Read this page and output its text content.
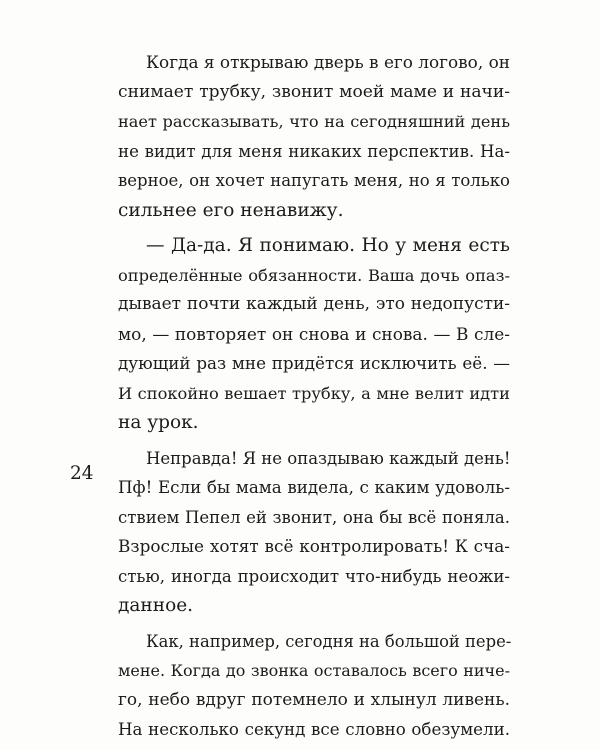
Когда я открываю дверь в его логово, он
снимает трубку, звонит моей маме и начи-
нает рассказывать, что на сегодняшний день
не видит для меня никаких перспектив. На-
верное, он хочет напугать меня, но я только
сильнее его ненавижу.

— Да-да. Я понимаю. Но у меня есть
определённые обязанности. Ваша дочь опаз-
дывает почти каждый день, это недопусти-
мо, — повторяет он снова и снова. — В сле-
дующий раз мне придётся исключить её. —
И спокойно вешает трубку, а мне велит идти
на урок.

Неправда! Я не опаздываю каждый день!
Пф! Если бы мама видела, с каким удоволь-
ствием Пепел ей звонит, она бы всё поняла.
Взрослые хотят всё контролировать! К сча-
стью, иногда происходит что-нибудь неожи-
данное.

Как, например, сегодня на большой пере-
мене. Когда до звонка оставалось всего ниче-
го, небо вдруг потемнело и хлынул ливень.
На несколько секунд все словно обезумели.

24
